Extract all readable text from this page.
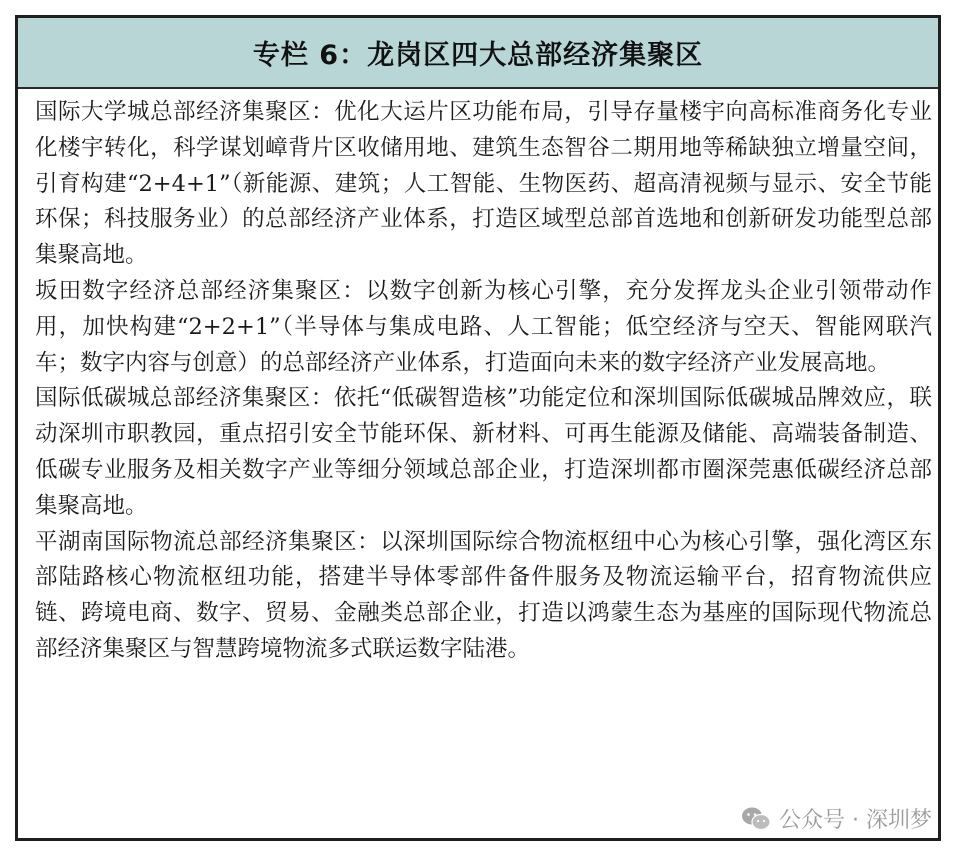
专栏 6：龙岗区四大总部经济集聚区

国际大学城总部经济集聚区：优化大运片区功能布局，引导存量楼宇向高标准商务化专业化楼宇转化，科学谋划嶂背片区收储用地、建筑生态智谷二期用地等稀缺独立增量空间，引育构建“2+4+1”（新能源、建筑；人工智能、生物医药、超高清视频与显示、安全节能环保；科技服务业）的总部经济产业体系，打造区域型总部首选地和创新研发功能型总部集聚高地。

坂田数字经济总部经济集聚区：以数字创新为核心引擎，充分发挥龙头企业引领带动作用，加快构建“2+2+1”（半导体与集成电路、人工智能；低空经济与空天、智能网联汽车；数字内容与创意）的总部经济产业体系，打造面向未来的数字经济产业发展高地。

国际低碳城总部经济集聚区：依托“低碳智造核”功能定位和深圳国际低碳城品牌效应，联动深圳市职教园，重点招引安全节能环保、新材料、可再生能源及储能、高端装备制造、低碳专业服务及相关数字产业等细分领域总部企业，打造深圳都市圈深莞惠低碳经济总部集聚高地。

平湖南国际物流总部经济集聚区：以深圳国际综合物流枢纽中心为核心引擎，强化湾区东部陆路核心物流枢纽功能，搭建半导体零部件备件服务及物流运输平台，招育物流供应链、跨境电商、数字、贸易、金融类总部企业，打造以鸿蒙生态为基座的国际现代物流总部经济集聚区与智慧跨境物流多式联运数字陆港。

公众号 · 深圳梦
